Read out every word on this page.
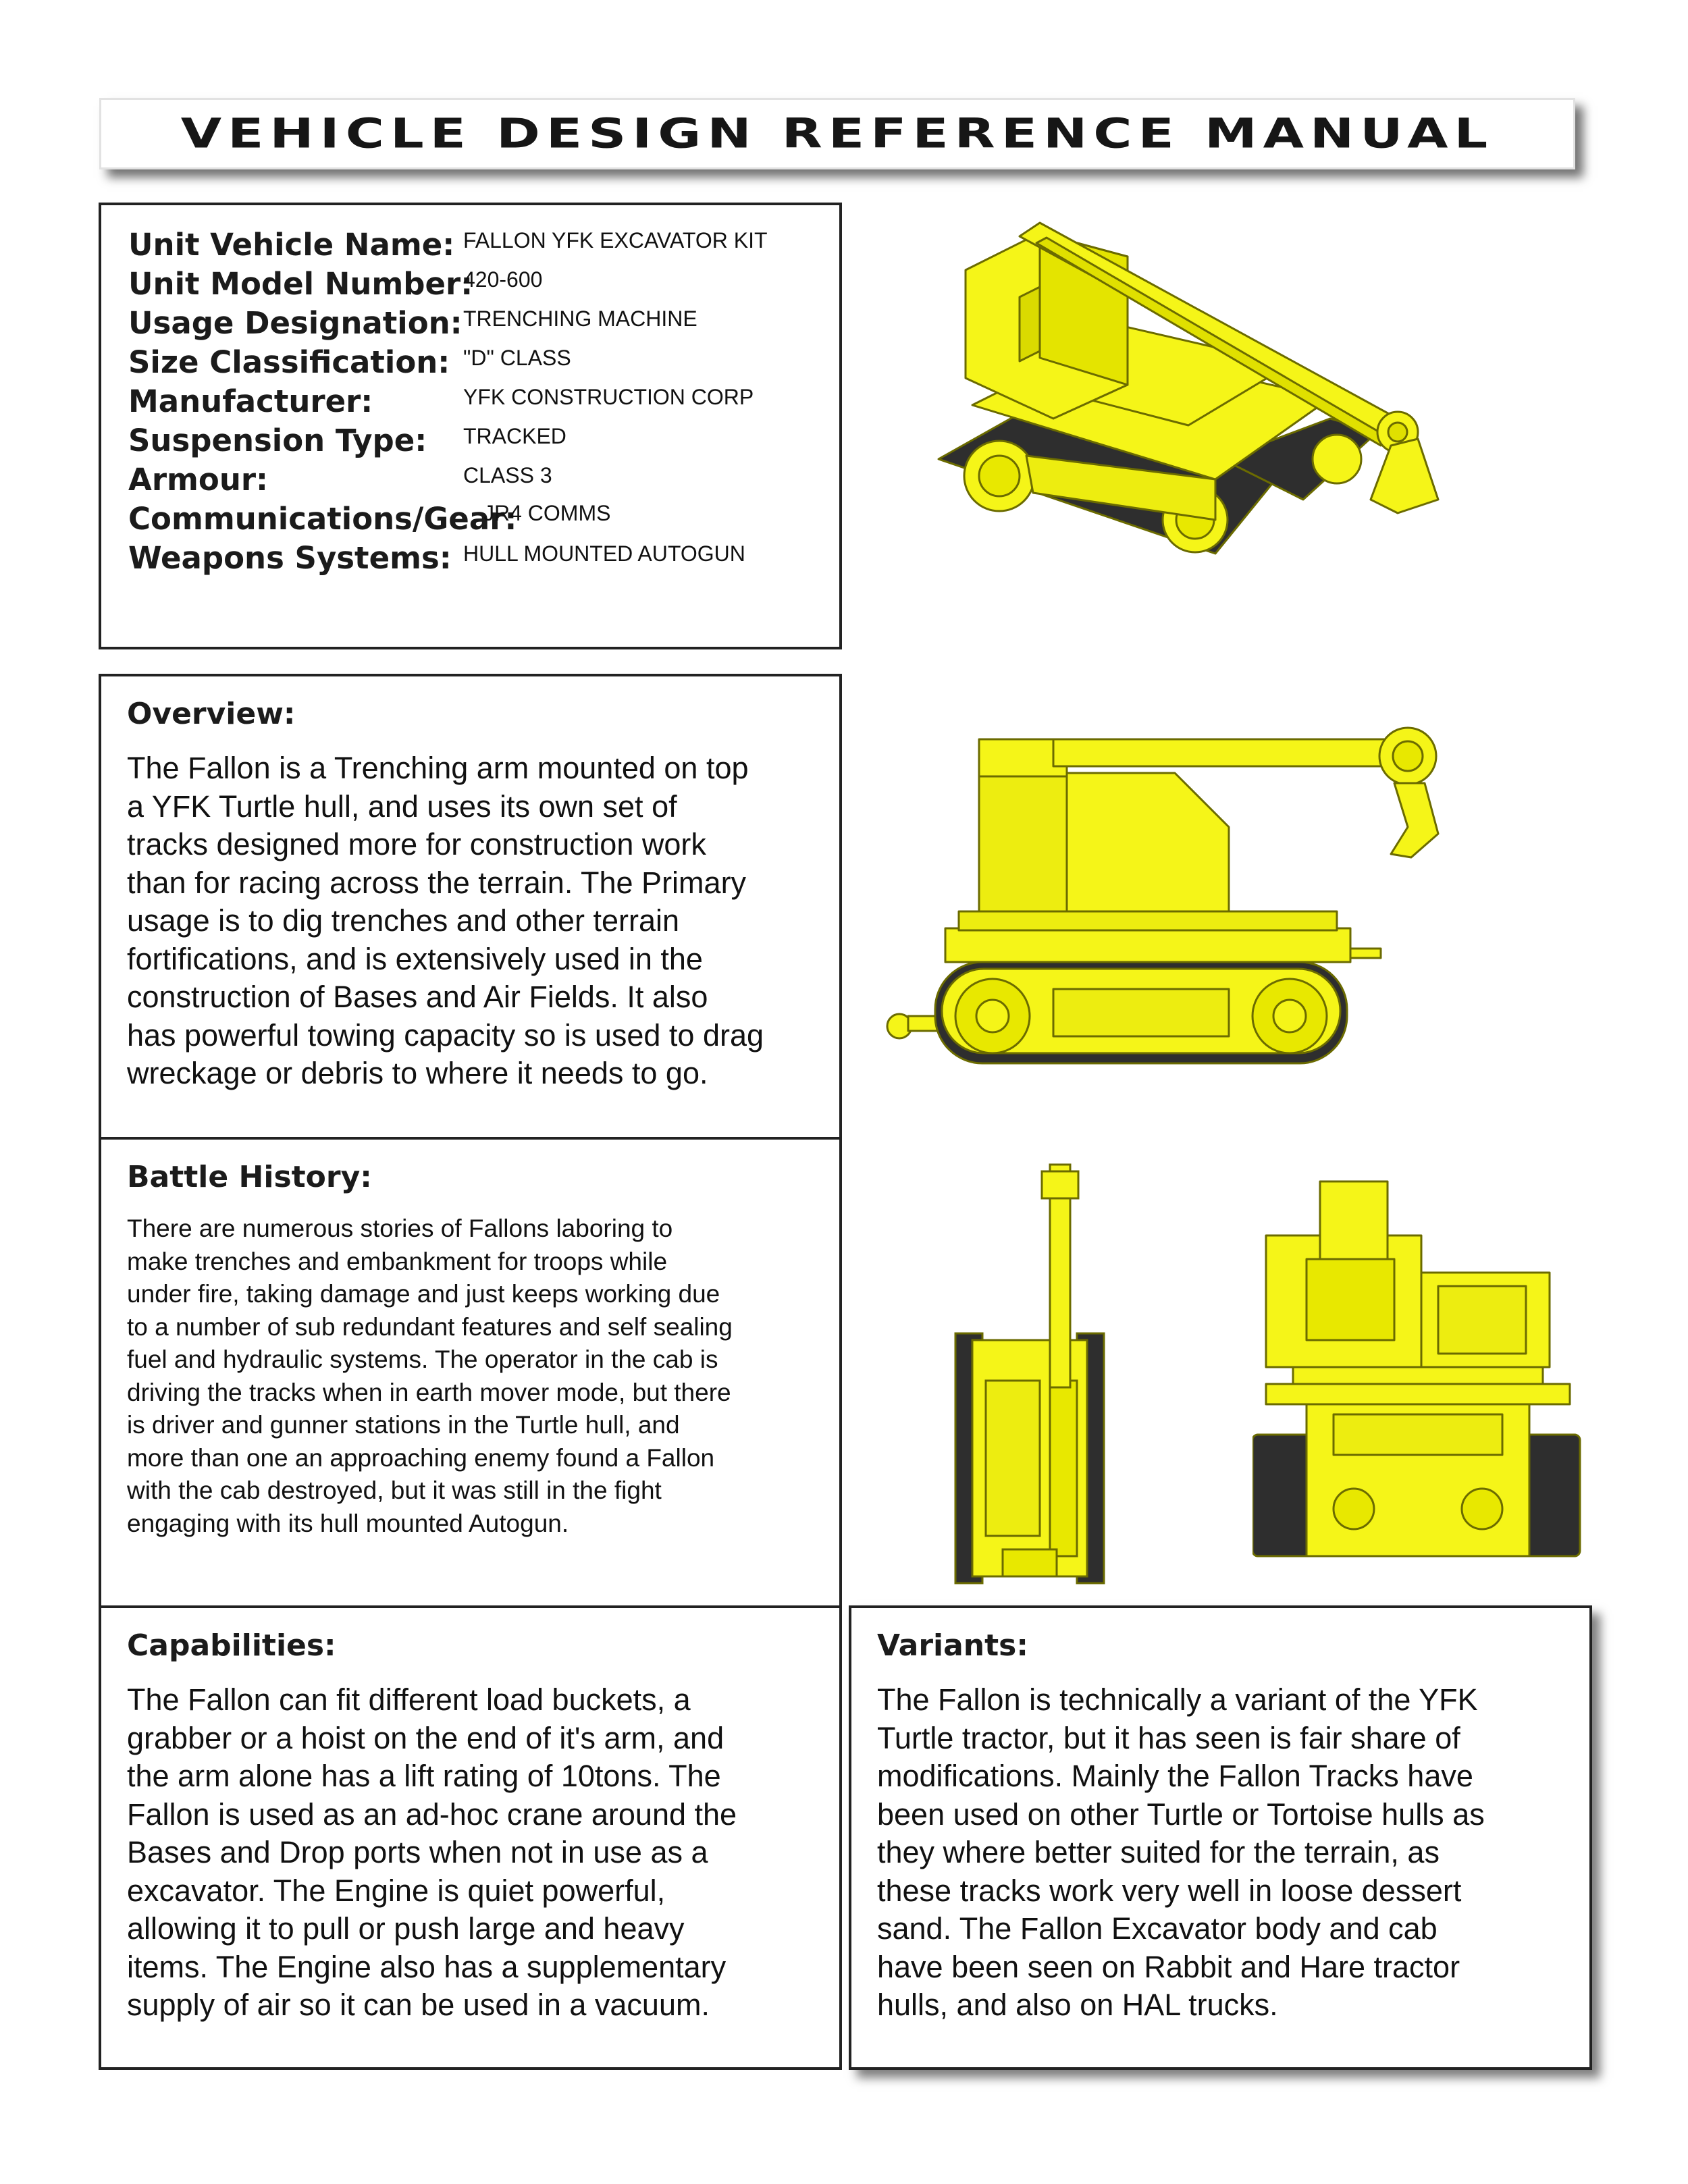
VEHICLE DESIGN REFERENCE MANUAL
Unit Vehicle Name: FALLON YFK EXCAVATOR KIT
Unit Model Number:
420-600
Usage Designation: TRENCHING MACHINE
Size Classification: "D" CLASS
Manufacturer:	YFK CONSTRUCTION CORP
Suspension Type: TRACKED
Armour:	CLASS 3
Communications/Gear:
JR4 COMMS
Weapons Systems: HULL MOUNTED AUTOGUN
Overview:
The Fallon is a Trenching arm mounted on top
a YFK Turtle hull, and uses its own set of
tracks designed more for construction work
than for racing across the terrain. The Primary
usage is to dig trenches and other terrain
fortifications, and is extensively used in the
construction of Bases and Air Fields. It also
has powerful towing capacity so is used to drag
wreckage or debris to where it needs to go.
Battle History:
There are numerous stories of Fallons laboring to
make trenches and embankment for troops while
under fire, taking damage and just keeps working due
to a number of sub redundant features and self sealing
fuel and hydraulic systems. The operator in the cab is
driving the tracks when in earth mover mode, but there
is driver and gunner stations in the Turtle hull, and
more than one an approaching enemy found a Fallon
with the cab destroyed, but it was still in the fight
engaging with its hull mounted Autogun.
Capabilities:
The Fallon can fit different load buckets, a
grabber or a hoist on the end of it's arm, and
the arm alone has a lift rating of 10tons. The
Fallon is used as an ad-hoc crane around the
Bases and Drop ports when not in use as a
excavator. The Engine is quiet powerful,
allowing it to pull or push large and heavy
items. The Engine also has a supplementary
supply of air so it can be used in a vacuum.
Variants:
The Fallon is technically a variant of the YFK
Turtle tractor, but it has seen is fair share of
modifications. Mainly the Fallon Tracks have
been used on other Turtle or Tortoise hulls as
they where better suited for the terrain, as
these tracks work very well in loose dessert
sand. The Fallon Excavator body and cab
have been seen on Rabbit and Hare tractor
hulls, and also on HAL trucks.
